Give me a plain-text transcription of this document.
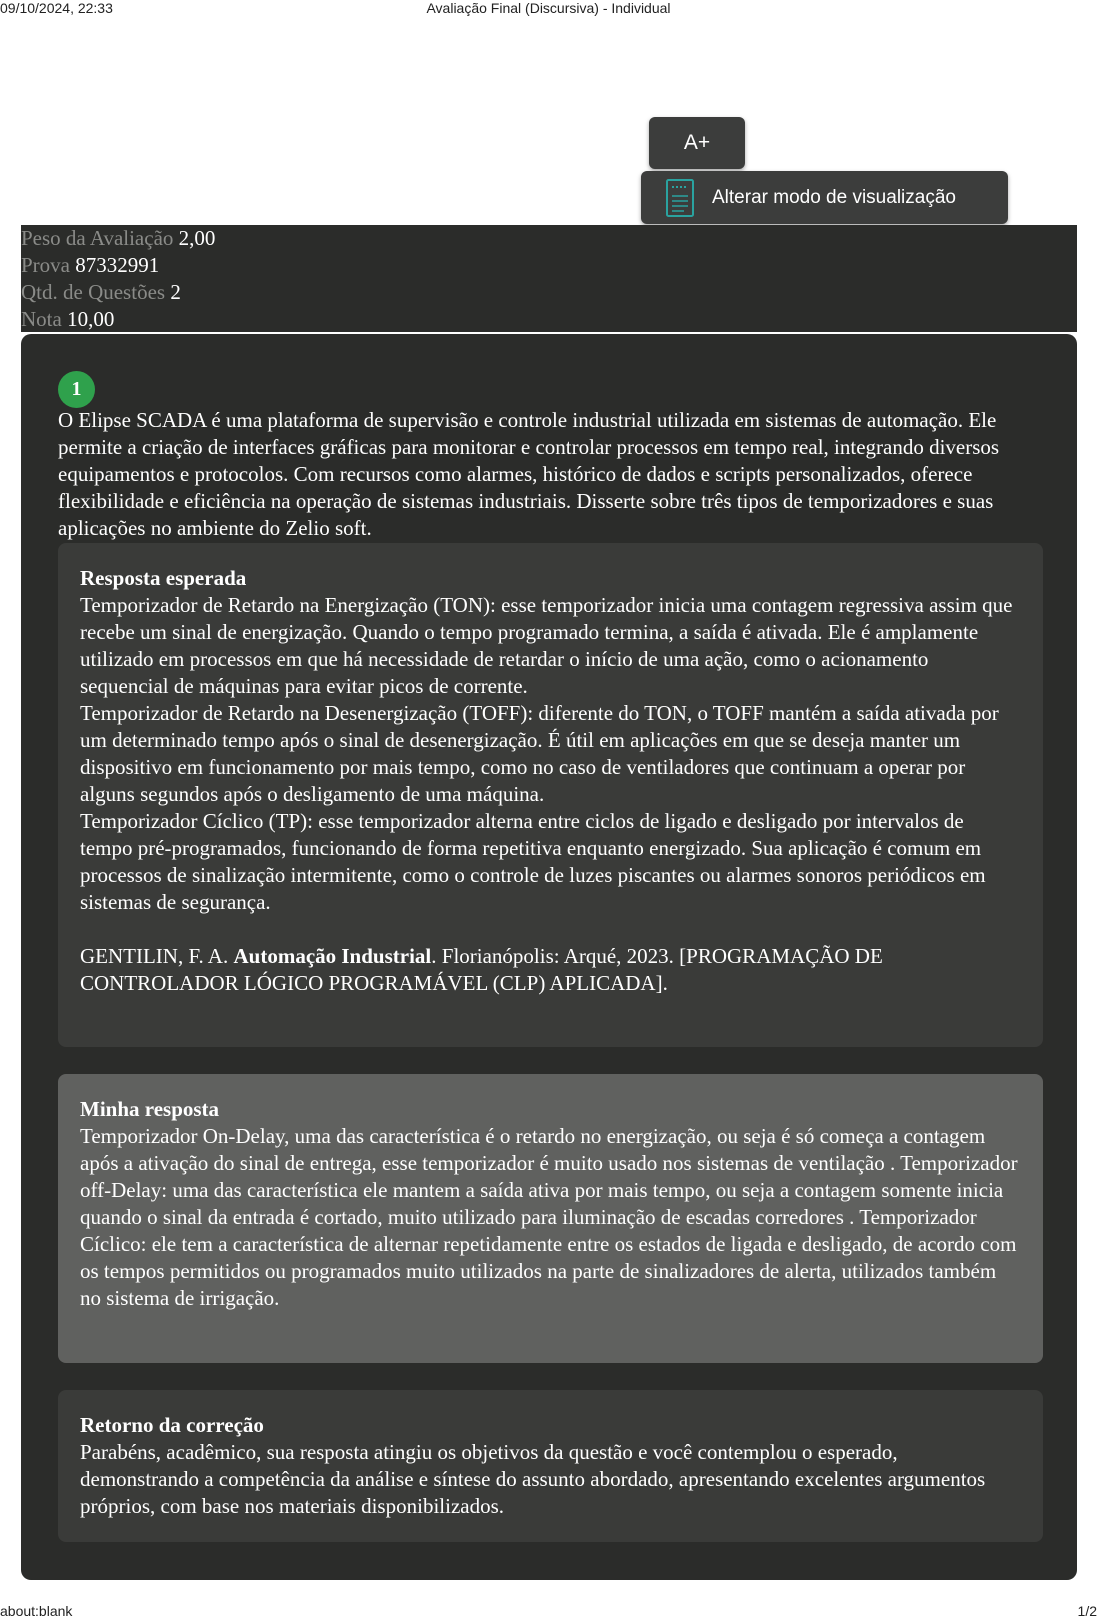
09/10/2024, 22:33	Avaliação Final (Discursiva) - Individual
A+
Alterar modo de visualização
Peso da Avaliação 2,00
Prova 87332991
Qtd. de Questões 2
Nota 10,00
1
O Elipse SCADA é uma plataforma de supervisão e controle industrial utilizada em sistemas de automação. Ele permite a criação de interfaces gráficas para monitorar e controlar processos em tempo real, integrando diversos equipamentos e protocolos. Com recursos como alarmes, histórico de dados e scripts personalizados, oferece flexibilidade e eficiência na operação de sistemas industriais. Disserte sobre três tipos de temporizadores e suas aplicações no ambiente do Zelio soft.
Resposta esperada

Temporizador de Retardo na Energização (TON): esse temporizador inicia uma contagem regressiva assim que recebe um sinal de energização. Quando o tempo programado termina, a saída é ativada. Ele é amplamente utilizado em processos em que há necessidade de retardar o início de uma ação, como o acionamento sequencial de máquinas para evitar picos de corrente.

Temporizador de Retardo na Desenergização (TOFF): diferente do TON, o TOFF mantém a saída ativada por um determinado tempo após o sinal de desenergização. É útil em aplicações em que se deseja manter um dispositivo em funcionamento por mais tempo, como no caso de ventiladores que continuam a operar por alguns segundos após o desligamento de uma máquina.

Temporizador Cíclico (TP): esse temporizador alterna entre ciclos de ligado e desligado por intervalos de tempo pré-programados, funcionando de forma repetitiva enquanto energizado. Sua aplicação é comum em processos de sinalização intermitente, como o controle de luzes piscantes ou alarmes sonoros periódicos em sistemas de segurança.

GENTILIN, F. A. Automação Industrial. Florianópolis: Arqué, 2023. [PROGRAMAÇÃO DE CONTROLADOR LÓGICO PROGRAMÁVEL (CLP) APLICADA].

Minha resposta

Temporizador On-Delay, uma das característica é o retardo no energização, ou seja é só começa a contagem após a ativação do sinal de entrega, esse temporizador é muito usado nos sistemas de ventilação . Temporizador off-Delay: uma das característica ele mantem a saída ativa por mais tempo, ou seja a contagem somente inicia quando o sinal da entrada é cortado, muito utilizado para iluminação de escadas corredores . Temporizador Cíclico: ele tem a característica de alternar repetidamente entre os estados de ligada e desligado, de acordo com os tempos permitidos ou programados muito utilizados na parte de sinalizadores de alerta, utilizados também no sistema de irrigação.

Retorno da correção

Parabéns, acadêmico, sua resposta atingiu os objetivos da questão e você contemplou o esperado, demonstrando a competência da análise e síntese do assunto abordado, apresentando excelentes argumentos próprios, com base nos materiais disponibilizados.

about:blank	1/2
